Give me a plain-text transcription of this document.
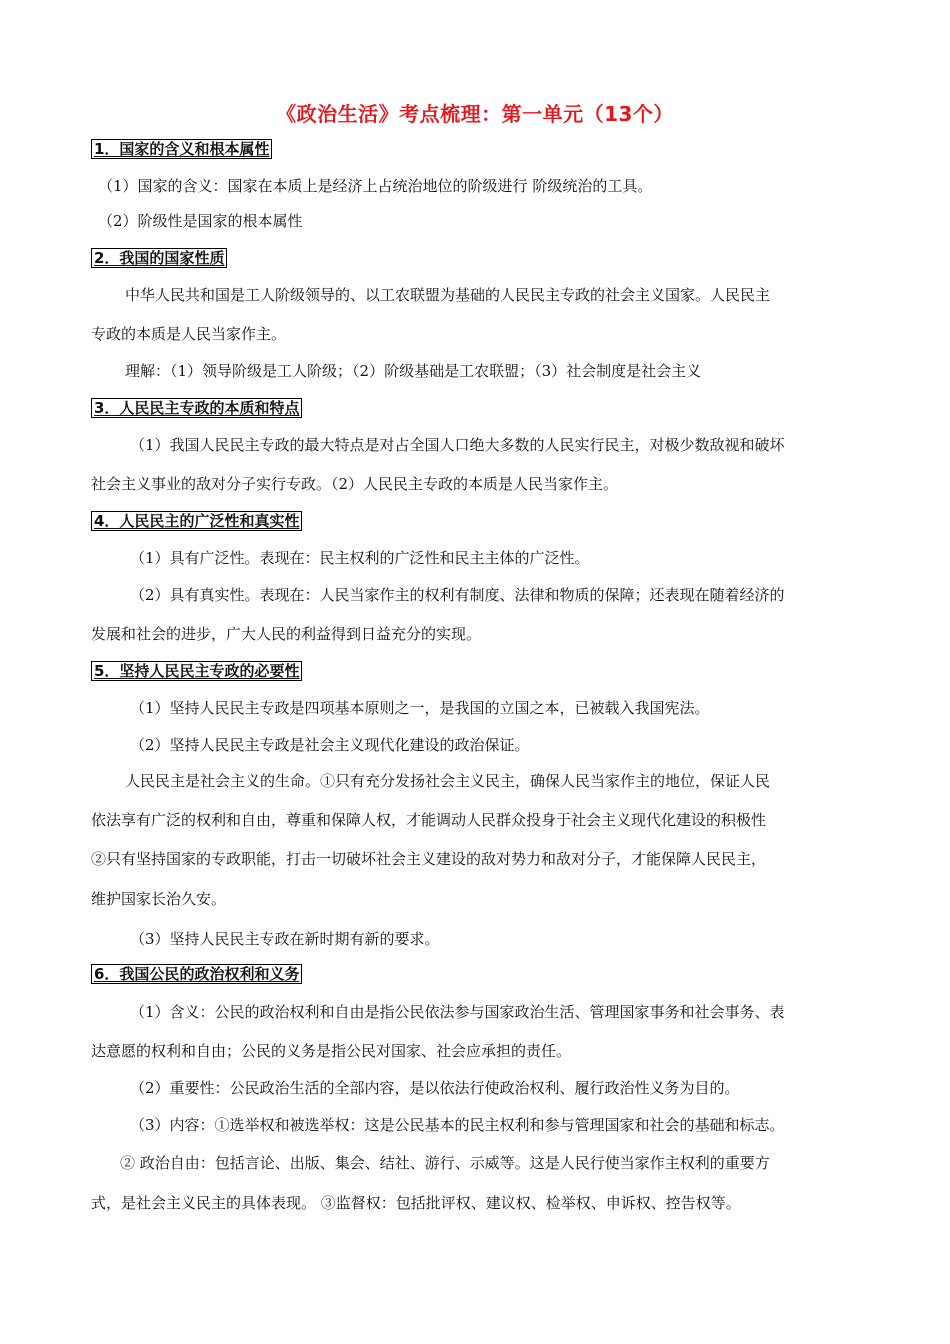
《政治生活》考点梳理：第一单元（13个）
1．国家的含义和根本属性
（1）国家的含义：国家在本质上是经济上占统治地位的阶级进行 阶级统治的工具。
（2）阶级性是国家的根本属性
2．我国的国家性质
中华人民共和国是工人阶级领导的、以工农联盟为基础的人民民主专政的社会主义国家。人民民主
专政的本质是人民当家作主。
理解：（1）领导阶级是工人阶级；（2）阶级基础是工农联盟；（3）社会制度是社会主义
3．人民民主专政的本质和特点
（1）我国人民民主专政的最大特点是对占全国人口绝大多数的人民实行民主，对极少数敌视和破坏
社会主义事业的敌对分子实行专政。（2）人民民主专政的本质是人民当家作主。
4．人民民主的广泛性和真实性
（1）具有广泛性。表现在：民主权利的广泛性和民主主体的广泛性。
（2）具有真实性。表现在：人民当家作主的权利有制度、法律和物质的保障；还表现在随着经济的
发展和社会的进步，广大人民的利益得到日益充分的实现。
5．坚持人民民主专政的必要性
（1）坚持人民民主专政是四项基本原则之一，是我国的立国之本，已被载入我国宪法。
（2）坚持人民民主专政是社会主义现代化建设的政治保证。
人民民主是社会主义的生命。①只有充分发扬社会主义民主，确保人民当家作主的地位，保证人民
依法享有广泛的权利和自由，尊重和保障人权，才能调动人民群众投身于社会主义现代化建设的积极性
②只有坚持国家的专政职能，打击一切破坏社会主义建设的敌对势力和敌对分子，才能保障人民民主，
维护国家长治久安。
（3）坚持人民民主专政在新时期有新的要求。
6．我国公民的政治权利和义务
（1）含义：公民的政治权利和自由是指公民依法参与国家政治生活、管理国家事务和社会事务、表
达意愿的权利和自由；公民的义务是指公民对国家、社会应承担的责任。
（2）重要性：公民政治生活的全部内容，是以依法行使政治权利、履行政治性义务为目的。
（3）内容：①选举权和被选举权：这是公民基本的民主权利和参与管理国家和社会的基础和标志。
② 政治自由：包括言论、出版、集会、结社、游行、示威等。这是人民行使当家作主权利的重要方
式，是社会主义民主的具体表现。 ③监督权：包括批评权、建议权、检举权、申诉权、控告权等。
